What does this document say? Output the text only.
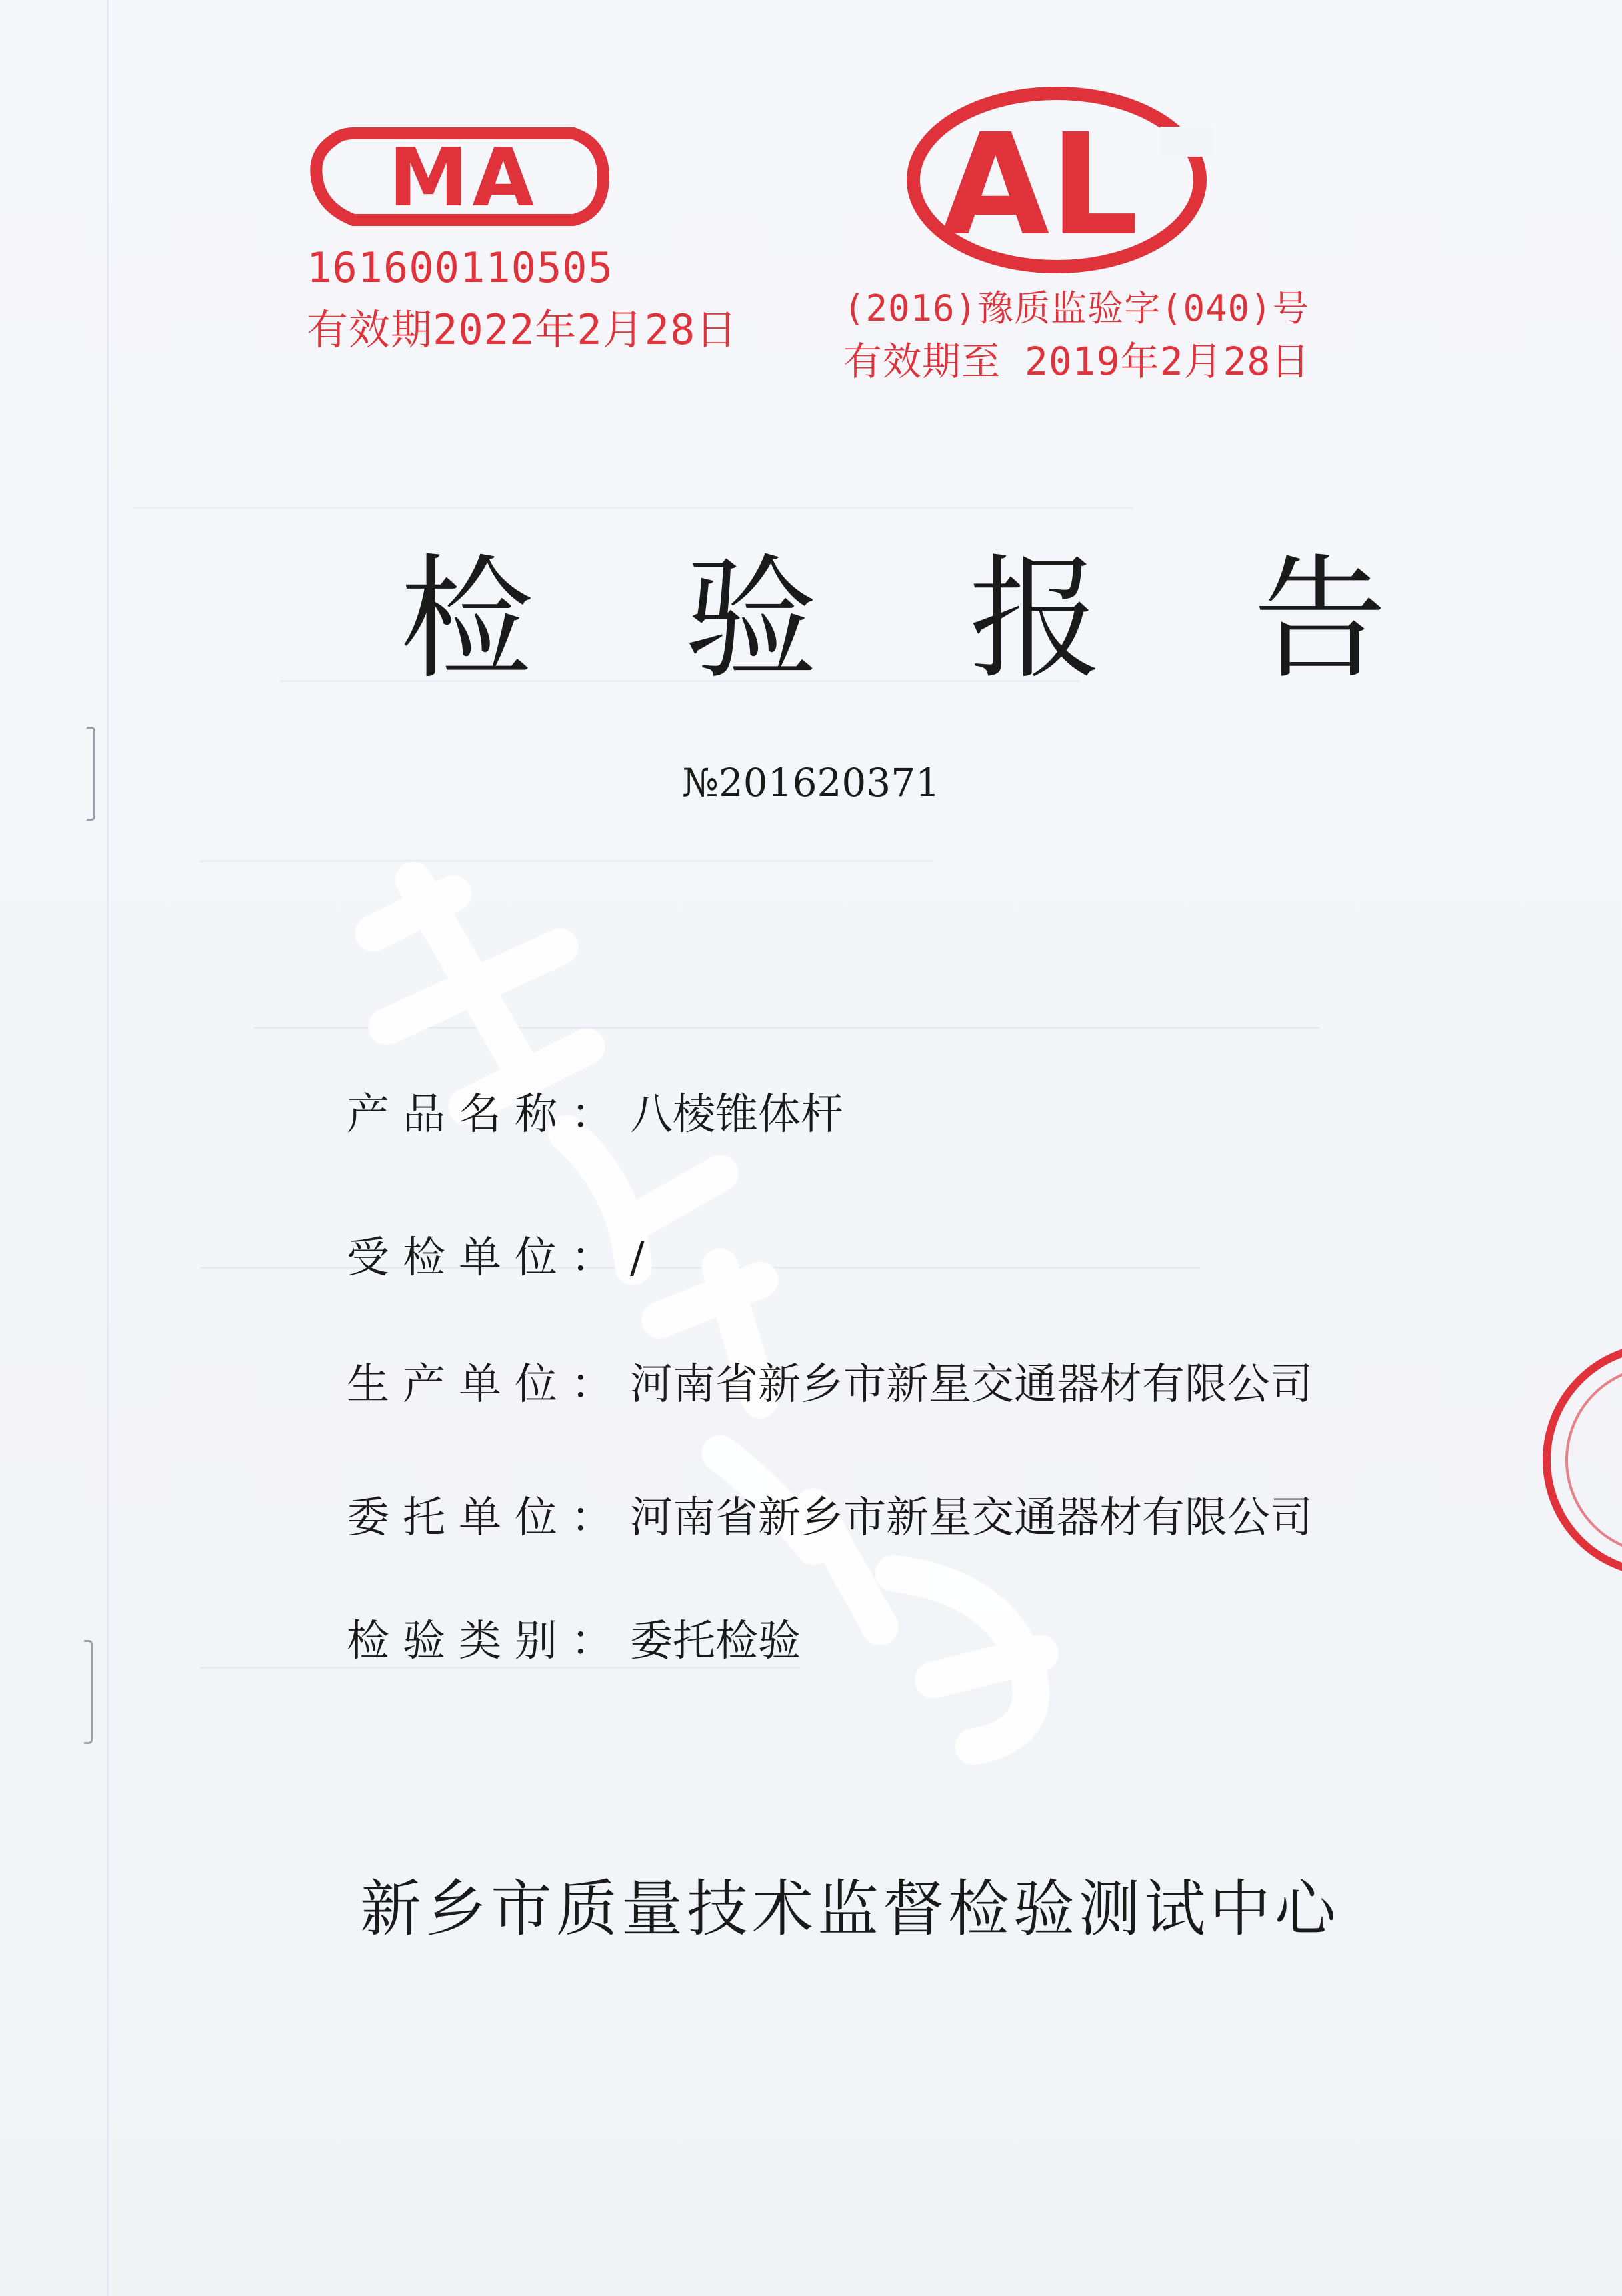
MA
161600110505
有效期2022年2月28日
AL
(2016)豫质监验字(040)号
有效期至 2019年2月28日
检 验 报 告
№201620371
产品名称：八棱锥体杆
受检单位：/
生产单位：河南省新乡市新星交通器材有限公司
委托单位：河南省新乡市新星交通器材有限公司
检验类别：委托检验
新乡市质量技术监督检验测试中心
